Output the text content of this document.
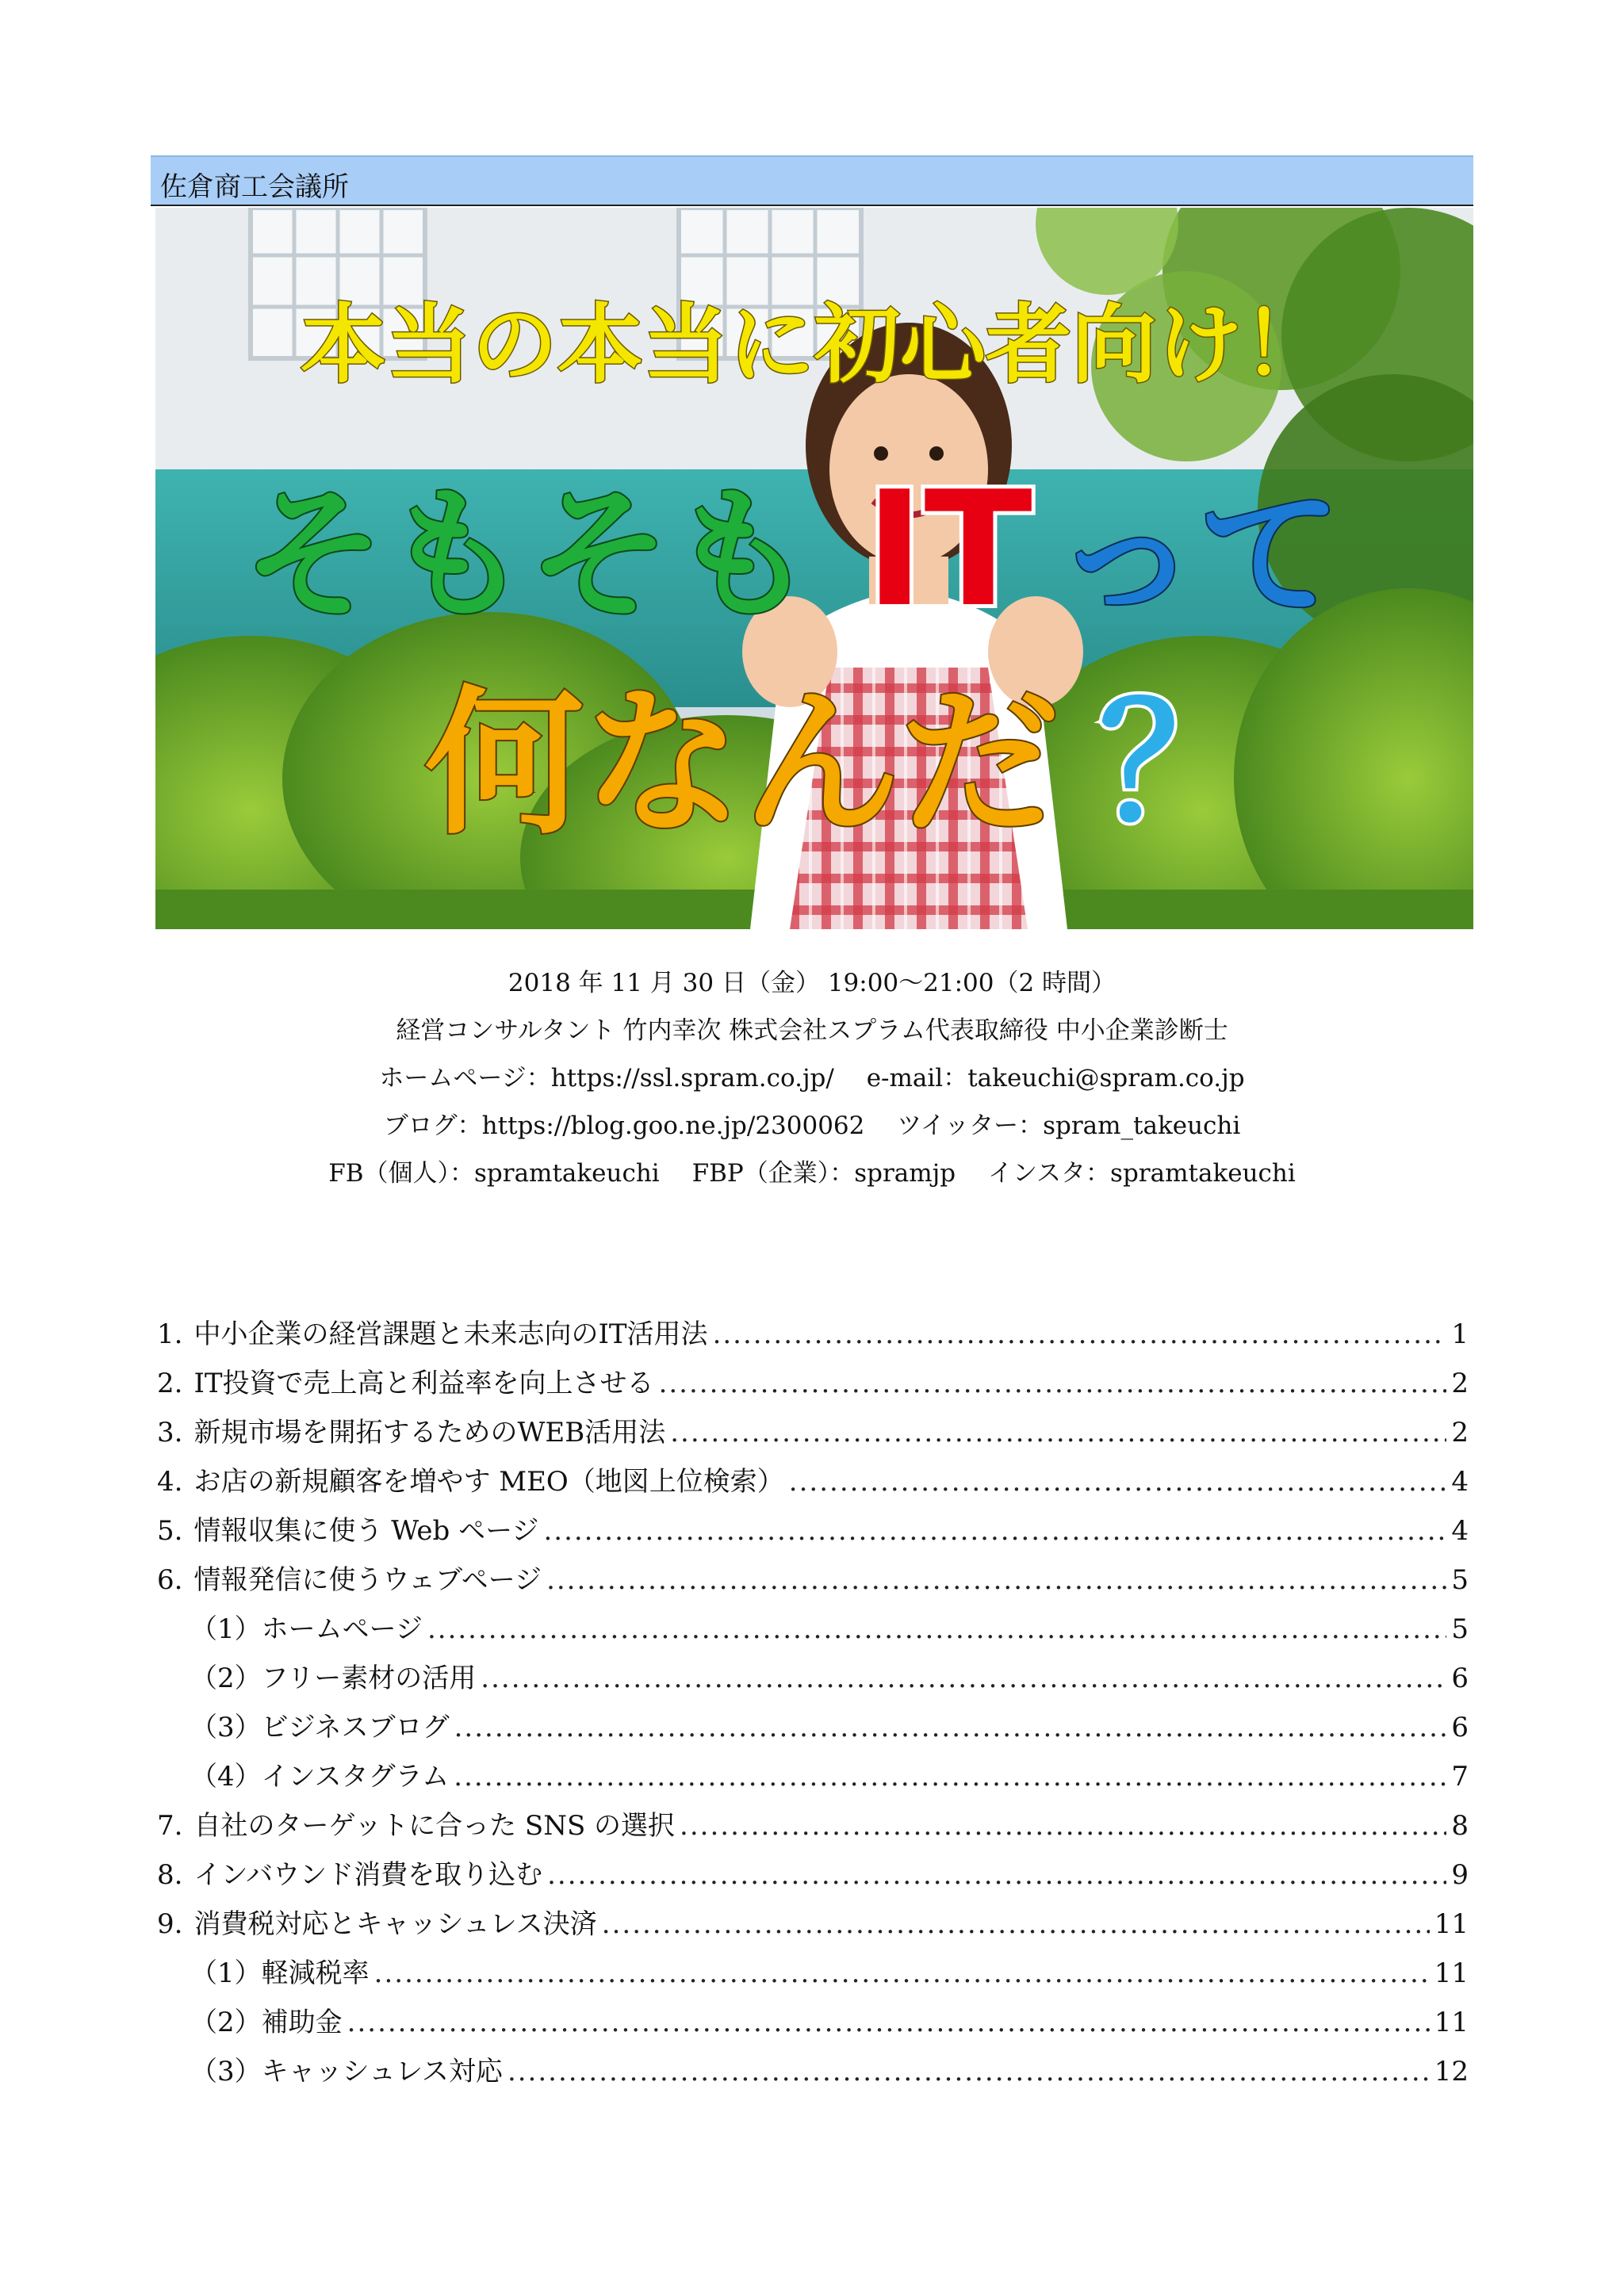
佐倉商工会議所
本当の本当に初心者向け！
そもそも IT って
何なんだ ？
2018 年 11 月 30 日（金） 19:00～21:00（2 時間）
経営コンサルタント 竹内幸次 株式会社スプラム代表取締役 中小企業診断士
ホームページ：https://ssl.spram.co.jp/　 e-mail：takeuchi@spram.co.jp
ブログ：https://blog.goo.ne.jp/2300062　 ツイッター：spram_takeuchi
FB（個人）：spramtakeuchi　 FBP（企業）：spramjp　 インスタ：spramtakeuchi
1. 中小企業の経営課題と未来志向のIT活用法 .....	1
2. IT投資で売上高と利益率を向上させる .....	2
3. 新規市場を開拓するためのWEB活用法 .....	2
4. お店の新規顧客を増やす MEO（地図上位検索） .....	4
5. 情報収集に使う Web ページ .....	4
6. 情報発信に使うウェブページ .....	5
（1）ホームページ .....	5
（2）フリー素材の活用 .....	6
（3）ビジネスブログ .....	6
（4）インスタグラム .....	7
7. 自社のターゲットに合った SNS の選択 .....	8
8. インバウンド消費を取り込む .....	9
9. 消費税対応とキャッシュレス決済 .....	11
（1）軽減税率 .....	11
（2）補助金 .....	11
（3）キャッシュレス対応 .....	12
